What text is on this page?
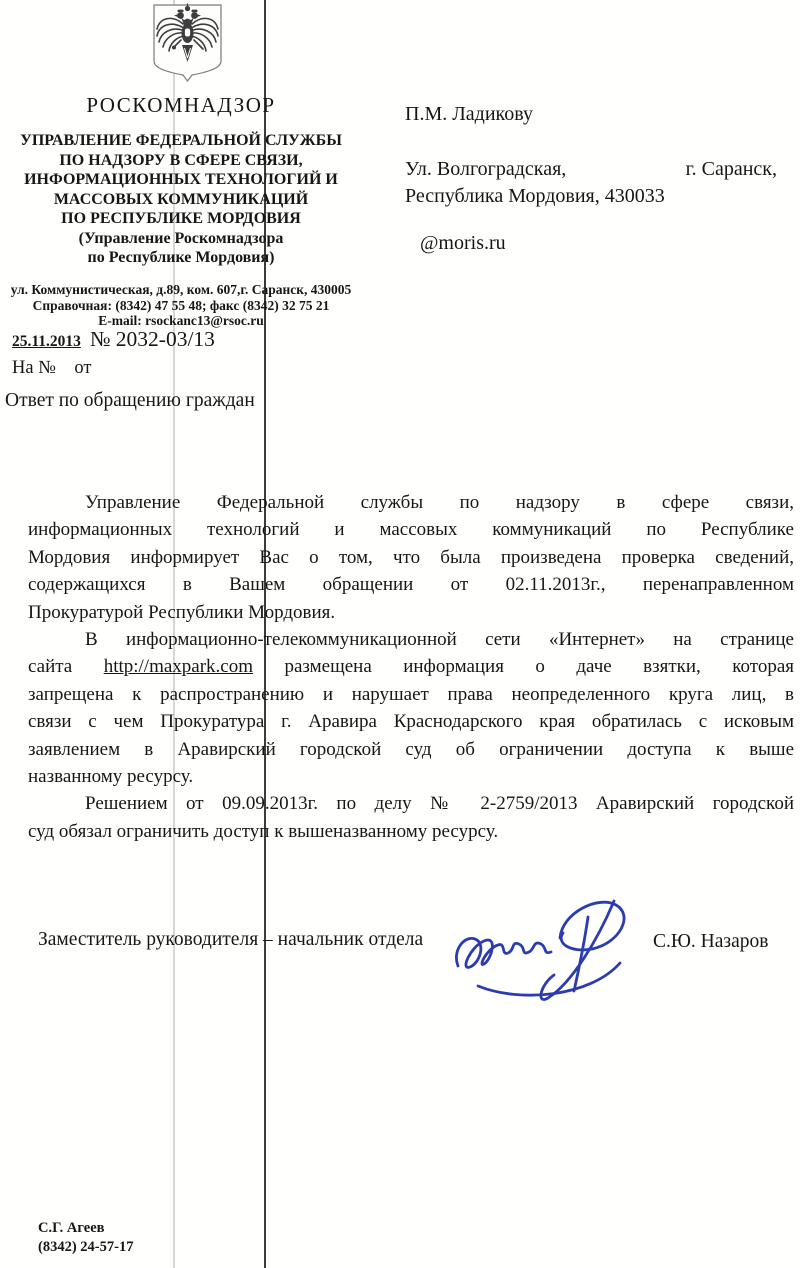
РОСКОМНАДЗОР
УПРАВЛЕНИЕ ФЕДЕРАЛЬНОЙ СЛУЖБЫ
ПО НАДЗОРУ В СФЕРЕ СВЯЗИ,
ИНФОРМАЦИОННЫХ ТЕХНОЛОГИЙ И
МАССОВЫХ КОММУНИКАЦИЙ
ПО РЕСПУБЛИКЕ МОРДОВИЯ
(Управление Роскомнадзора
по Республике Мордовия)
ул. Коммунистическая, д.89, ком. 607,г. Саранск, 430005
Справочная: (8342) 47 55 48; факс (8342) 32 75 21
E-mail: rsockanc13@rsoc.ru
25.11.2013 № 2032-03/13
На №    от
Ответ по обращению граждан
П.М. Ладикову
Ул. Волгоградская,	г. Саранск,
Республика Мордовия, 430033
@moris.ru
Управление Федеральной службы по надзору в сфере связи,
информационных технологий и массовых коммуникаций по Республике
Мордовия информирует Вас о том, что была произведена проверка сведений,
содержащихся в Вашем обращении от 02.11.2013г., перенаправленном
Прокуратурой Республики Мордовия.
В информационно-телекоммуникационной сети «Интернет» на странице
сайта http://maxpark.com размещена информация о даче взятки, которая
запрещена к распространению и нарушает права неопределенного круга лиц, в
связи с чем Прокуратура г. Аравира Краснодарского края обратилась с исковым
заявлением в Аравирский городской суд об ограничении доступа к выше
названному ресурсу.
Решением от 09.09.2013г. по делу № 2-2759/2013 Аравирский городской
суд обязал ограничить доступ к вышеназванному ресурсу.
Заместитель руководителя – начальник отдела	С.Ю. Назаров
С.Г. Агеев
(8342) 24-57-17
